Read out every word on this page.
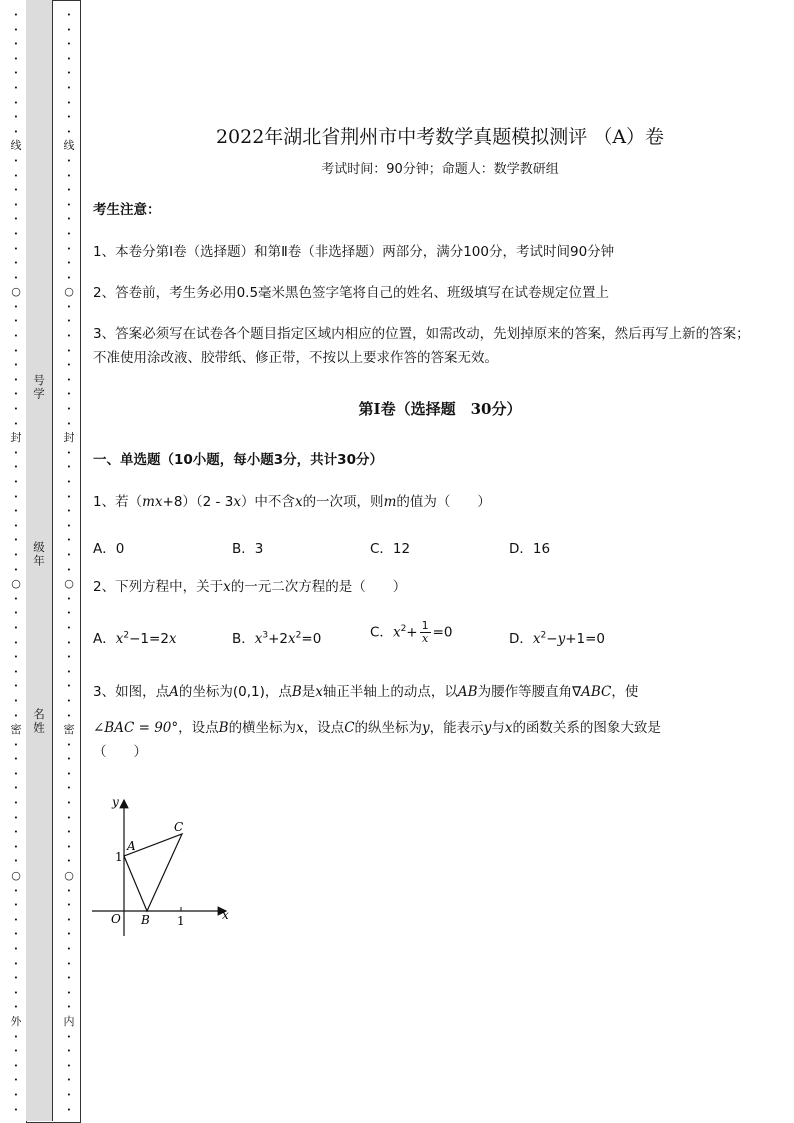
•
•
•
•
•
•
•
•
•
线
•
•
•
•
•
•
•
•
•
○
•
•
•
•
•
•
•
•
•
封
•
•
•
•
•
•
•
•
•
○
•
•
•
•
•
•
•
•
•
密
•
•
•
•
•
•
•
•
•
○
•
•
•
•
•
•
•
•
•
外
•
•
•
•
•
•
号学
级年
名姓
•
•
•
•
•
•
•
•
•
线
•
•
•
•
•
•
•
•
•
○
•
•
•
•
•
•
•
•
•
封
•
•
•
•
•
•
•
•
•
○
•
•
•
•
•
•
•
•
•
密
•
•
•
•
•
•
•
•
•
○
•
•
•
•
•
•
•
•
•
内
•
•
•
•
•
•
2022年湖北省荆州市中考数学真题模拟测评 （A）卷
考试时间：90分钟；命题人：数学教研组
考生注意：
1、本卷分第I卷（选择题）和第Ⅱ卷（非选择题）两部分，满分100分，考试时间90分钟
2、答卷前，考生务必用0.5毫米黑色签字笔将自己的姓名、班级填写在试卷规定位置上
3、答案必须写在试卷各个题目指定区域内相应的位置，如需改动，先划掉原来的答案，然后再写上新的答案；不准使用涂改液、胶带纸、修正带，不按以上要求作答的答案无效。
第I卷（选择题　30分）
一、单选题（10小题，每小题3分，共计30分）
1、若（mx+8）（2 - 3x）中不含x的一次项，则m的值为（　　）
A．0	B．3	C．12	D．16
2、下列方程中，关于x的一元二次方程的是（　　）
A．$x^2-1=2x$	B．$x^3+2x^2=0$	C．$x^2+ \frac{1}{x} =0$	D．$x^2-y+1=0$
3、如图，点A的坐标为(0,1)，点B是x轴正半轴上的动点，以AB为腰作等腰直角∇ABC，使
∠BAC = 90°，设点B的横坐标为x，设点C的纵坐标为y，能表示y与x的函数关系的图象大致是
（　　）
y
x
O
A
B
C
1
1
